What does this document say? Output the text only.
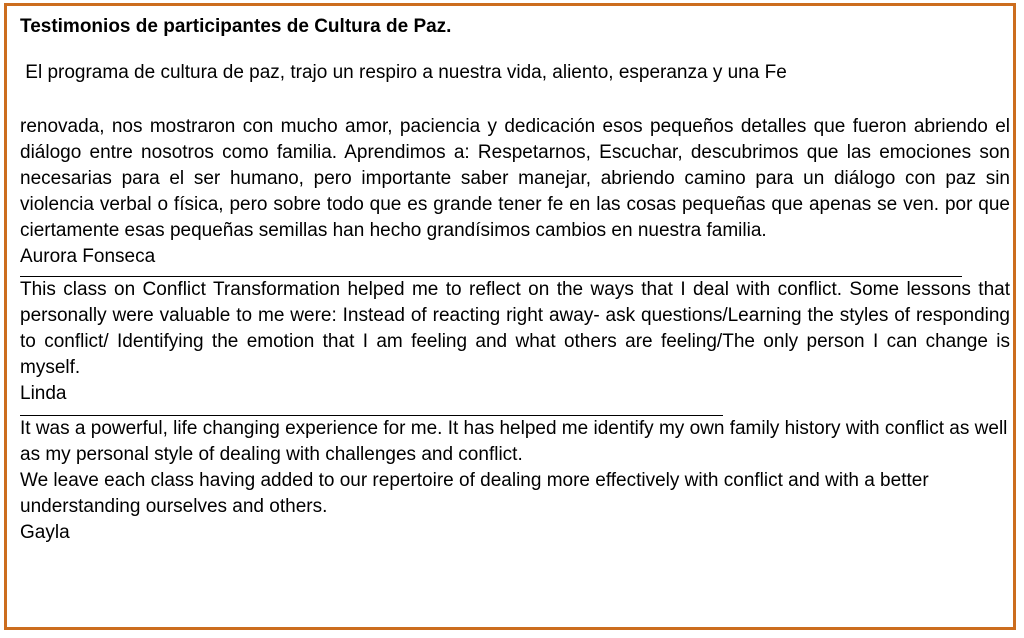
Testimonios de participantes de Cultura de Paz.

El programa de cultura de paz, trajo un respiro a nuestra vida, aliento, esperanza y una Fe

renovada, nos mostraron con mucho amor, paciencia y dedicación esos pequeños detalles que fueron abriendo el diálogo entre nosotros como familia. Aprendimos a: Respetarnos, Escuchar, descubrimos que las emociones son necesarias para el ser humano, pero importante saber manejar, abriendo camino para un diálogo con paz sin violencia verbal o física, pero sobre todo que es grande tener fe en las cosas pequeñas que apenas se ven. por que ciertamente esas pequeñas semillas han hecho grandísimos cambios en nuestra familia.

Aurora Fonseca

This class on Conflict Transformation helped me to reflect on the ways that I deal with conflict. Some lessons that personally were valuable to me were: Instead of reacting right away- ask questions/Learning the styles of responding to conflict/ Identifying the emotion that I am feeling and what others are feeling/The only person I can change is myself.

Linda

It was a powerful, life changing experience for me. It has helped me identify my own family history with conflict as well as my personal style of dealing with challenges and conflict.

We leave each class having added to our repertoire of dealing more effectively with conflict and with a better understanding ourselves and others.

Gayla
